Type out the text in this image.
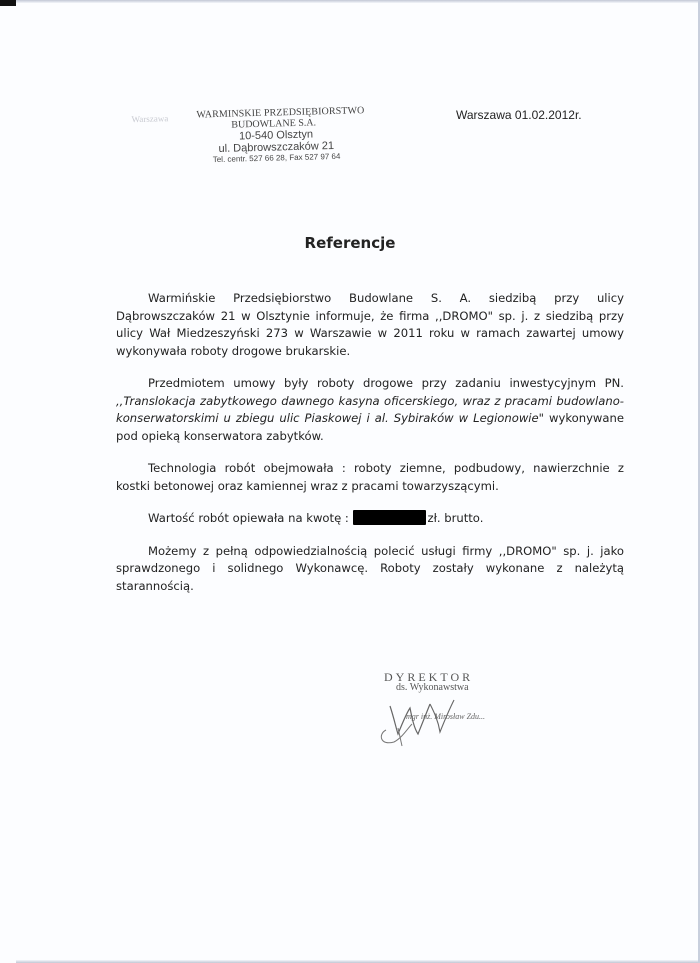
Warszawa	WARMINSKIE PRZEDSIĘBIORSTWO
BUDOWLANE S.A.
10-540 Olsztyn
ul. Dąbrowszczaków 21
Tel. centr. 527 66 28, Fax 527 97 64
Warszawa 01.02.2012r.
Referencje

Warmińskie Przedsiębiorstwo Budowlane S. A. siedzibą przy ulicy Dąbrowszczaków 21 w Olsztynie informuje, że firma ,,DROMO" sp. j. z siedzibą przy ulicy Wał Miedzeszyński 273 w Warszawie w 2011 roku w ramach zawartej umowy wykonywała roboty drogowe brukarskie.

Przedmiotem umowy były roboty drogowe przy zadaniu inwestycyjnym PN. ,,Translokacja zabytkowego dawnego kasyna oficerskiego, wraz z pracami budowlano-konserwatorskimi u zbiegu ulic Piaskowej i al. Sybiraków w Legionowie" wykonywane pod opieką konserwatora zabytków.

Technologia robót obejmowała : roboty ziemne, podbudowy, nawierzchnie z kostki betonowej oraz kamiennej wraz z pracami towarzyszącymi.

Wartość robót opiewała na kwotę :	zł. brutto.

Możemy z pełną odpowiedzialnością polecić usługi firmy ,,DROMO" sp. j. jako sprawdzonego i solidnego Wykonawcę. Roboty zostały wykonane z należytą starannością.

DYREKTOR
ds. Wykonawstwa
mgr inż. Mirosław Zdu...
